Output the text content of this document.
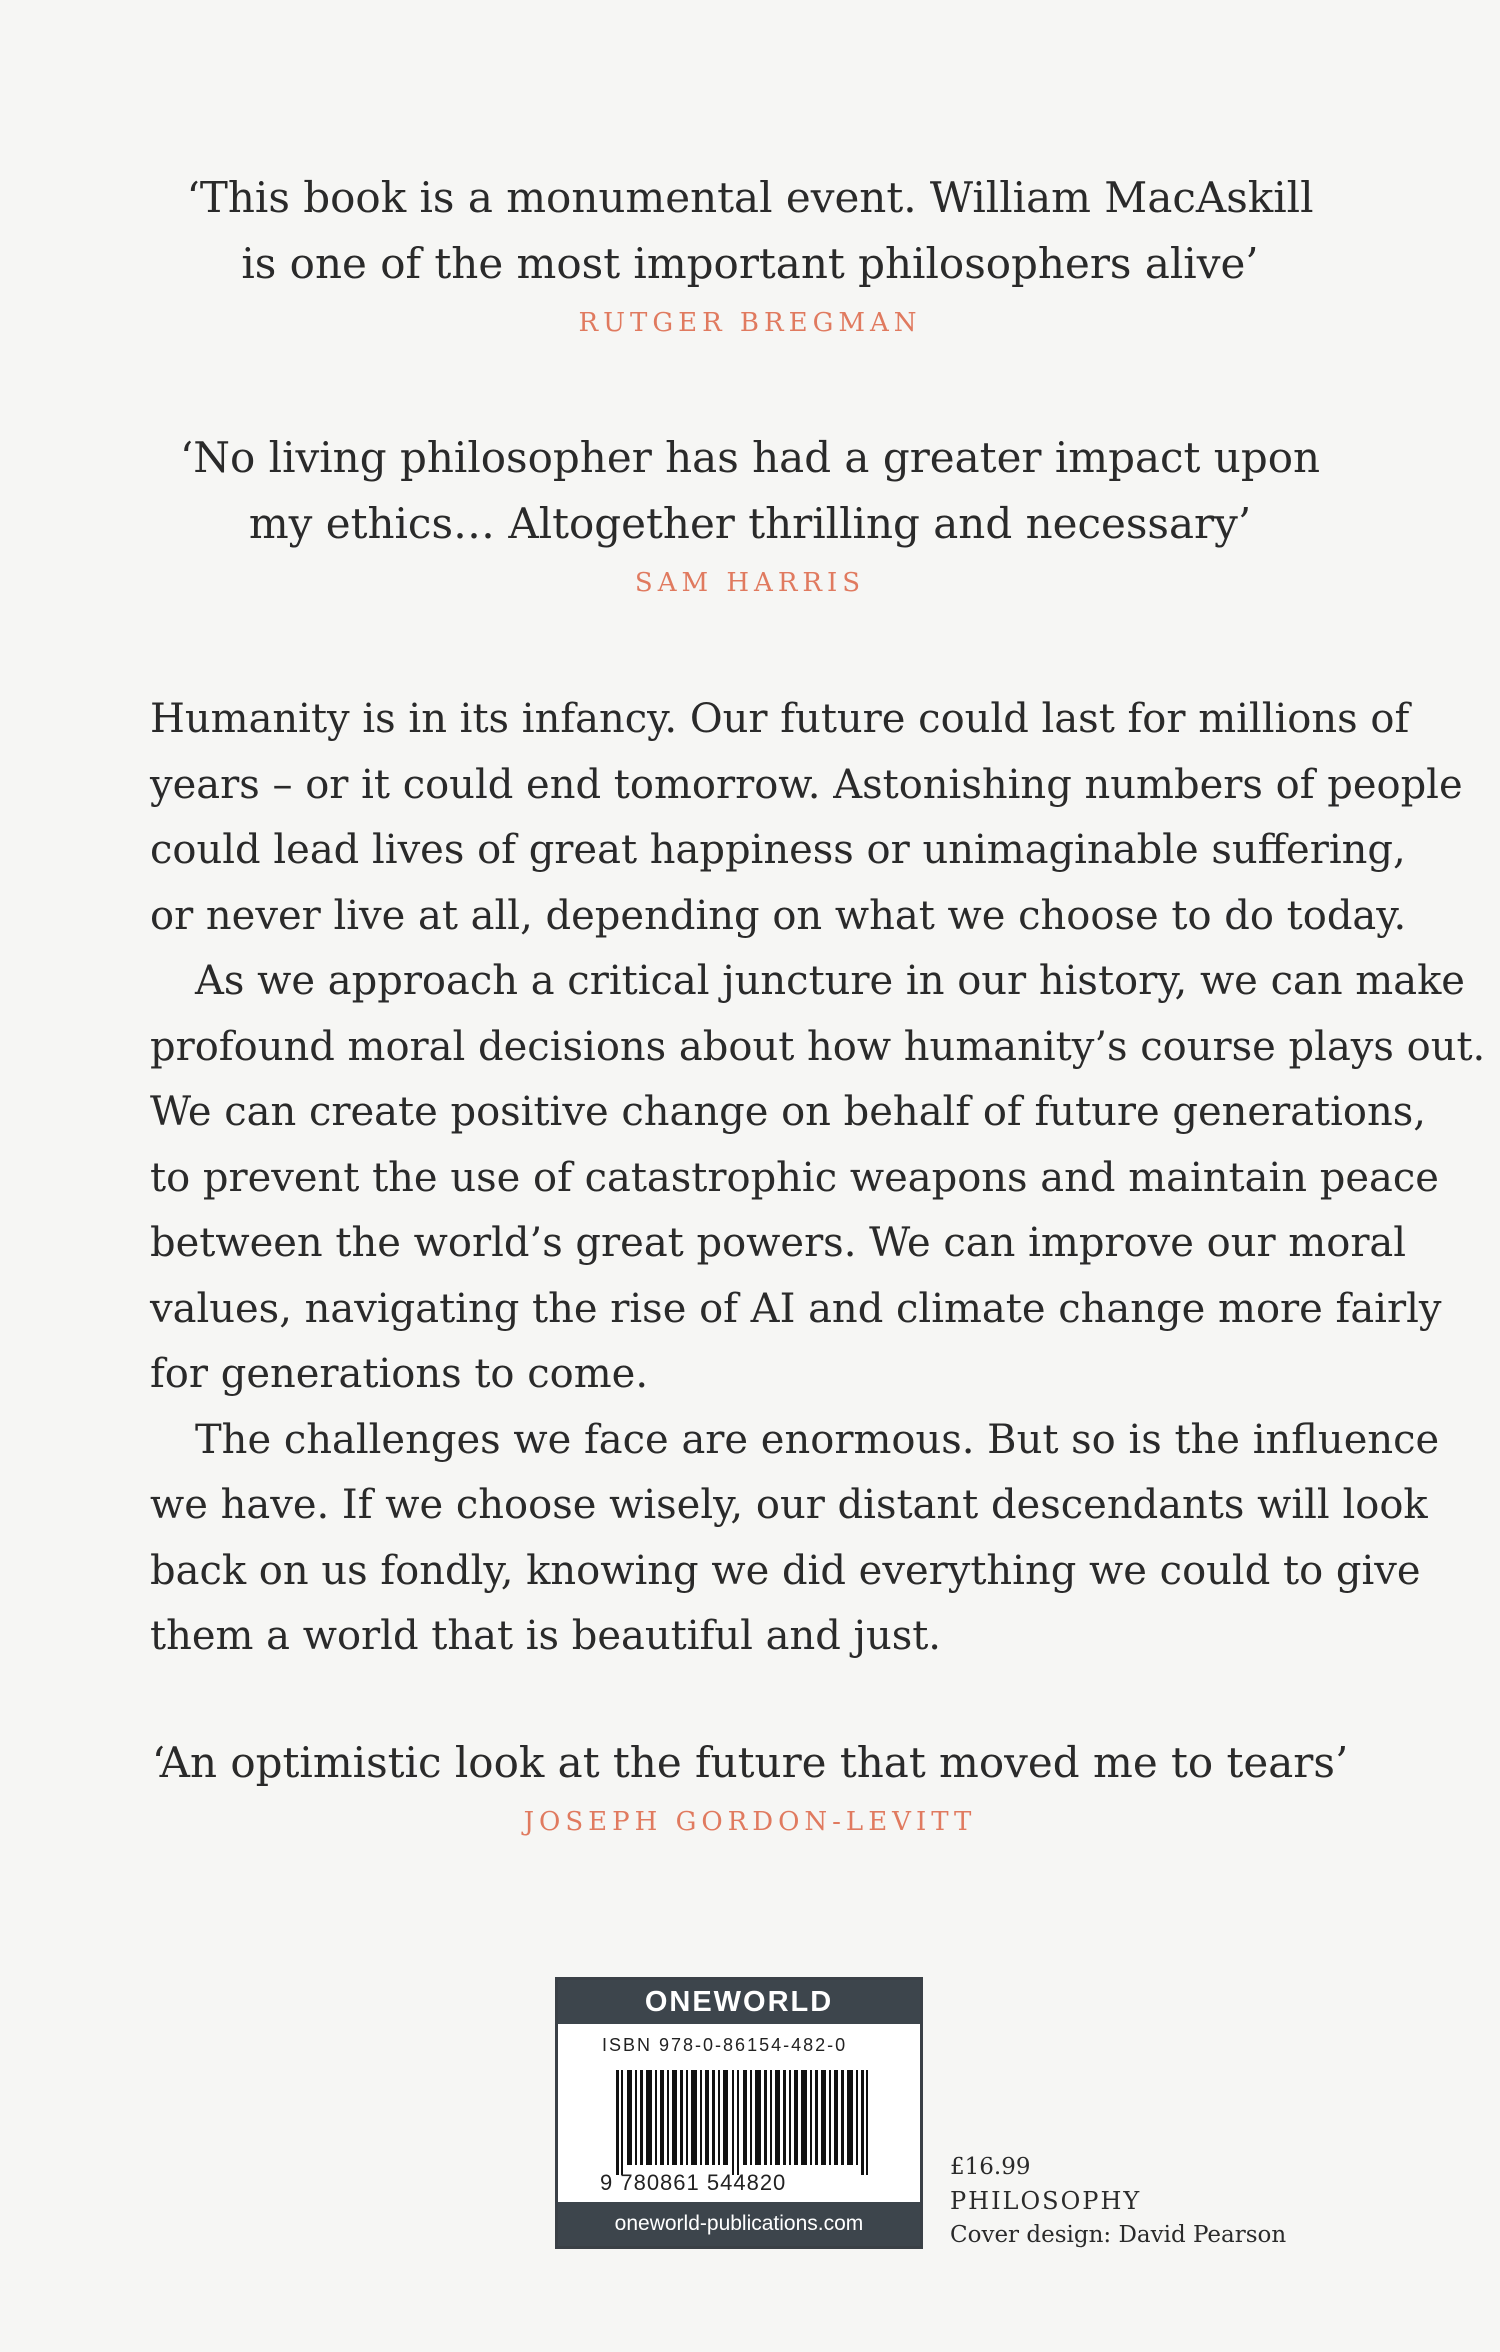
‘This book is a monumental event. William MacAskill
is one of the most important philosophers alive’
RUTGER BREGMAN
‘No living philosopher has had a greater impact upon
my ethics… Altogether thrilling and necessary’
SAM HARRIS

Humanity is in its infancy. Our future could last for millions of
years – or it could end tomorrow. Astonishing numbers of people
could lead lives of great happiness or unimaginable suffering,
or never live at all, depending on what we choose to do today.

As we approach a critical juncture in our history, we can make
profound moral decisions about how humanity’s course plays out.
We can create positive change on behalf of future generations,
to prevent the use of catastrophic weapons and maintain peace
between the world’s great powers. We can improve our moral
values, navigating the rise of AI and climate change more fairly
for generations to come.

The challenges we face are enormous. But so is the influence
we have. If we choose wisely, our distant descendants will look
back on us fondly, knowing we did everything we could to give
them a world that is beautiful and just.

‘An optimistic look at the future that moved me to tears’
JOSEPH GORDON-LEVITT
ONEWORLD
ISBN 978-0-86154-482-0
9 780861 544820
oneworld-publications.com
£16.99
PHILOSOPHY
Cover design: David Pearson
